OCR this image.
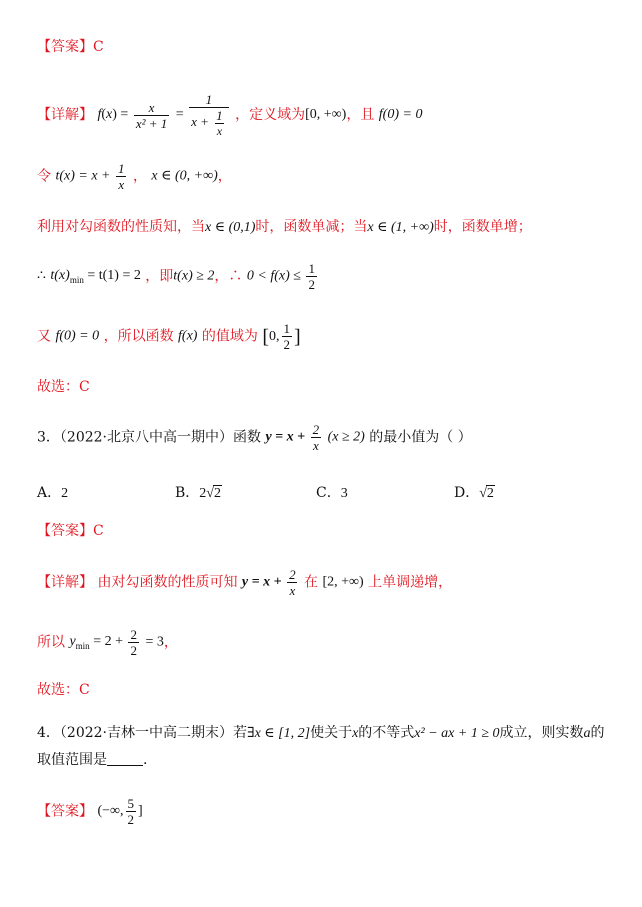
【答案】C
【详解】 $f(x) = \frac{x}{\text{x² + 1}} = \frac{1}{x + \frac{1}{x}}$ ，定义域为[0, +∞)，且 f(0) = 0
令 $t(x) = x + \frac{1}{x}$ ， x ∈ (0, +∞)，
利用对勾函数的性质知，当x ∈ (0,1)时，函数单减；当x ∈ (1, +∞)时，函数单增；
∴ $t(x)_{min} = t(1) = 2$ ，即t(x) ≥ 2，∴ $0 < f(x) \le \frac{1}{2}$
又 f(0) = 0 ，所以函数 f(x) 的值域为 [0, $\frac{1}{2}$ ]
故选：C
3．（2022·北京八中高一期中）函数 $y = x + \frac{2}{x} (x \ge 2)$ 的最小值为（ ）
A．2	B．2√2	C．3	D．√2
【答案】C
【详解】 由对勾函数的性质可知 $y = x + \frac{2}{x}$ 在 [2, +∞) 上单调递增，
所以 $y_{min} = 2 + \frac{2}{2} = 3$，
故选：C
4．（2022·吉林一中高二期末）若∃x ∈ [1, 2]使关于x的不等式x² − ax + 1 ≥ 0成立，则实数a的
取值范围是	.
【答案】 (−∞, $\frac{5}{2}$ ]
